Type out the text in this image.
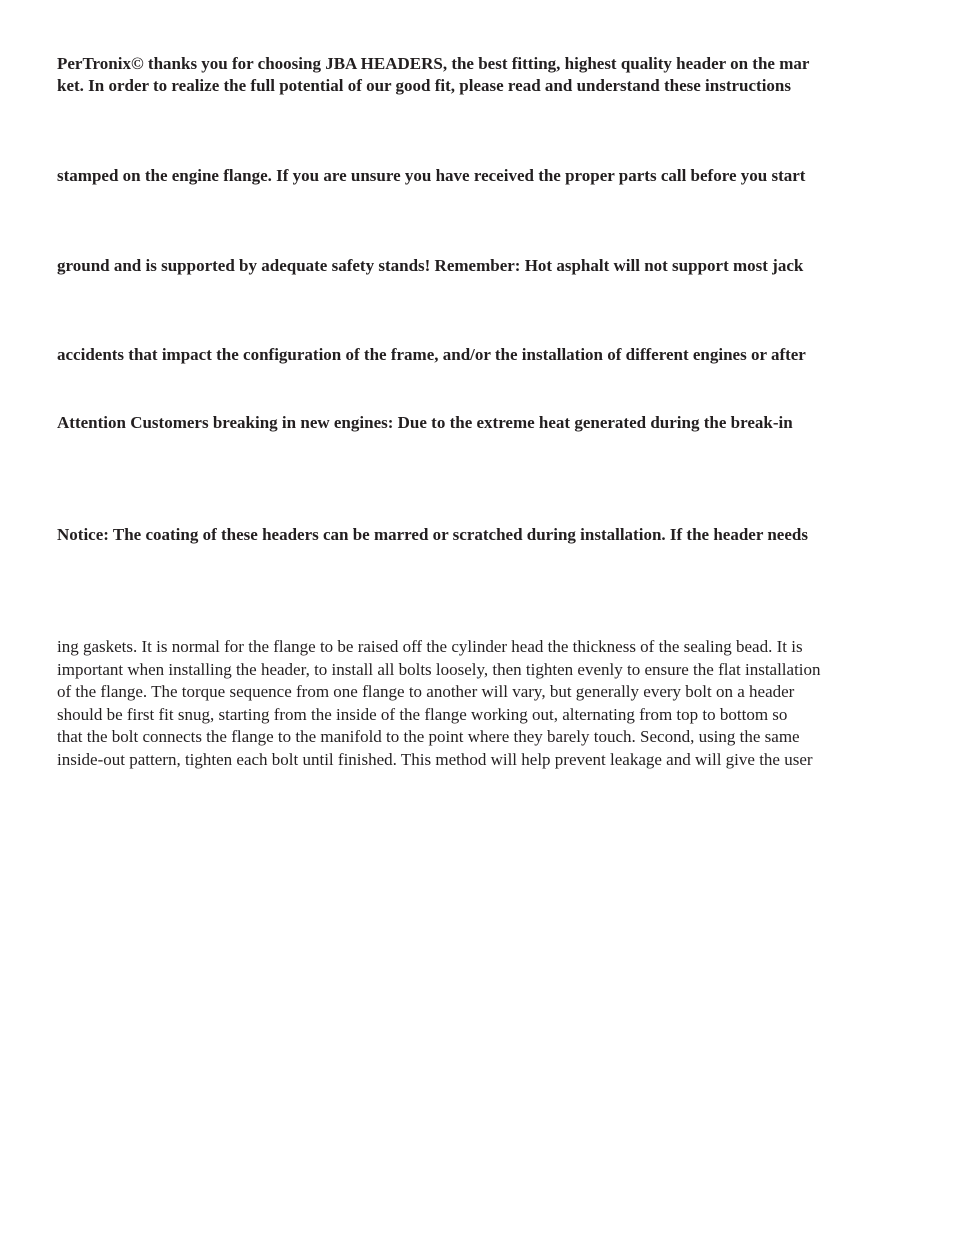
PerTronix© thanks you for choosing JBA HEADERS, the best fitting, highest quality header on the mar
ket. In order to realize the full potential of our good fit, please read and understand these instructions
stamped on the engine flange. If you are unsure you have received the proper parts call before you start
ground and is supported by adequate safety stands! Remember: Hot asphalt will not support most jack
accidents that impact the configuration of the frame, and/or the installation of different engines or after
Attention Customers breaking in new engines: Due to the extreme heat generated during the break-in
Notice: The coating of these headers can be marred or scratched during installation. If the header needs
ing gaskets. It is normal for the flange to be raised off the cylinder head the thickness of the sealing bead. It is
important when installing the header, to install all bolts loosely, then tighten evenly to ensure the flat installation
of the flange. The torque sequence from one flange to another will vary, but generally every bolt on a header
should be first fit snug, starting from the inside of the flange working out, alternating from top to bottom so
that the bolt connects the flange to the manifold to the point where they barely touch. Second, using the same
inside-out pattern, tighten each bolt until finished. This method will help prevent leakage and will give the user
